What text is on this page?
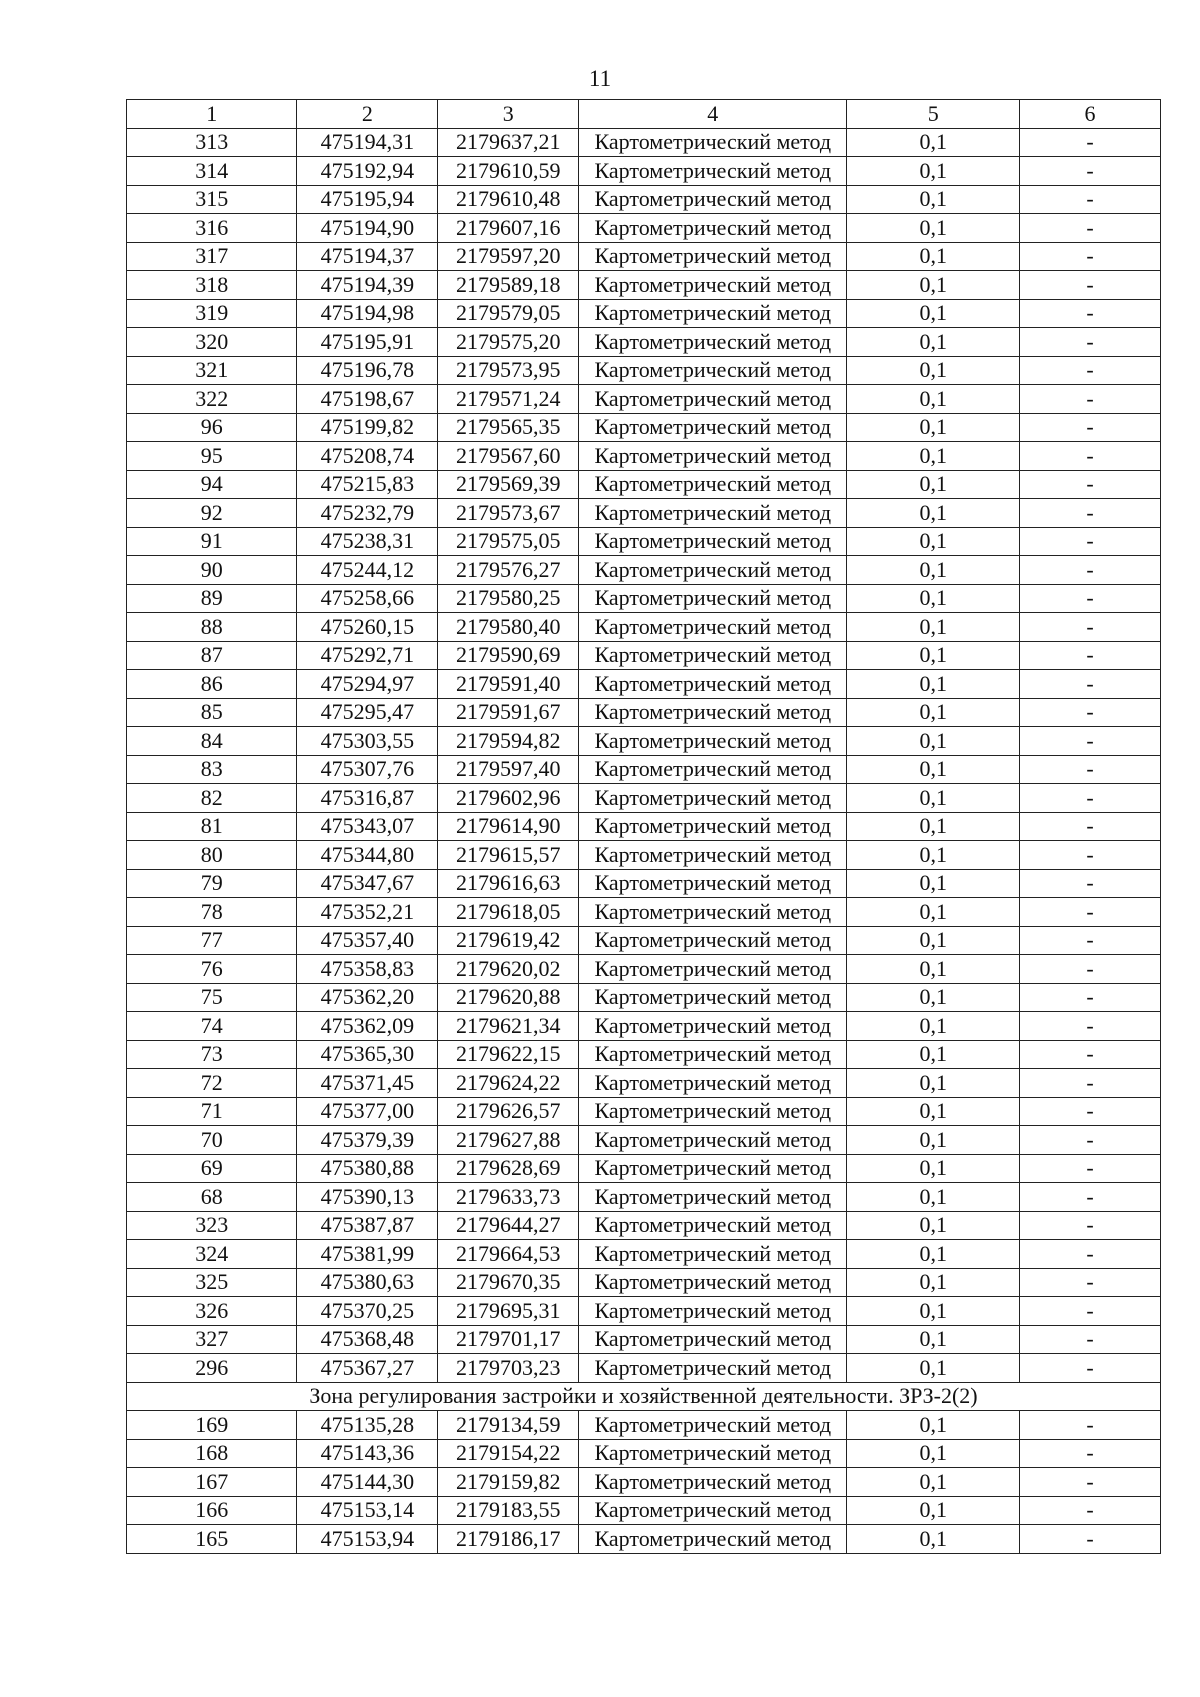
11
1	2	3	4	5	6
313	475194,31	2179637,21	Картометрический метод	0,1	-
314	475192,94	2179610,59	Картометрический метод	0,1	-
315	475195,94	2179610,48	Картометрический метод	0,1	-
316	475194,90	2179607,16	Картометрический метод	0,1	-
317	475194,37	2179597,20	Картометрический метод	0,1	-
318	475194,39	2179589,18	Картометрический метод	0,1	-
319	475194,98	2179579,05	Картометрический метод	0,1	-
320	475195,91	2179575,20	Картометрический метод	0,1	-
321	475196,78	2179573,95	Картометрический метод	0,1	-
322	475198,67	2179571,24	Картометрический метод	0,1	-
96	475199,82	2179565,35	Картометрический метод	0,1	-
95	475208,74	2179567,60	Картометрический метод	0,1	-
94	475215,83	2179569,39	Картометрический метод	0,1	-
92	475232,79	2179573,67	Картометрический метод	0,1	-
91	475238,31	2179575,05	Картометрический метод	0,1	-
90	475244,12	2179576,27	Картометрический метод	0,1	-
89	475258,66	2179580,25	Картометрический метод	0,1	-
88	475260,15	2179580,40	Картометрический метод	0,1	-
87	475292,71	2179590,69	Картометрический метод	0,1	-
86	475294,97	2179591,40	Картометрический метод	0,1	-
85	475295,47	2179591,67	Картометрический метод	0,1	-
84	475303,55	2179594,82	Картометрический метод	0,1	-
83	475307,76	2179597,40	Картометрический метод	0,1	-
82	475316,87	2179602,96	Картометрический метод	0,1	-
81	475343,07	2179614,90	Картометрический метод	0,1	-
80	475344,80	2179615,57	Картометрический метод	0,1	-
79	475347,67	2179616,63	Картометрический метод	0,1	-
78	475352,21	2179618,05	Картометрический метод	0,1	-
77	475357,40	2179619,42	Картометрический метод	0,1	-
76	475358,83	2179620,02	Картометрический метод	0,1	-
75	475362,20	2179620,88	Картометрический метод	0,1	-
74	475362,09	2179621,34	Картометрический метод	0,1	-
73	475365,30	2179622,15	Картометрический метод	0,1	-
72	475371,45	2179624,22	Картометрический метод	0,1	-
71	475377,00	2179626,57	Картометрический метод	0,1	-
70	475379,39	2179627,88	Картометрический метод	0,1	-
69	475380,88	2179628,69	Картометрический метод	0,1	-
68	475390,13	2179633,73	Картометрический метод	0,1	-
323	475387,87	2179644,27	Картометрический метод	0,1	-
324	475381,99	2179664,53	Картометрический метод	0,1	-
325	475380,63	2179670,35	Картометрический метод	0,1	-
326	475370,25	2179695,31	Картометрический метод	0,1	-
327	475368,48	2179701,17	Картометрический метод	0,1	-
296	475367,27	2179703,23	Картометрический метод	0,1	-
Зона регулирования застройки и хозяйственной деятельности. ЗРЗ-2(2)					
169	475135,28	2179134,59	Картометрический метод	0,1	-
168	475143,36	2179154,22	Картометрический метод	0,1	-
167	475144,30	2179159,82	Картометрический метод	0,1	-
166	475153,14	2179183,55	Картометрический метод	0,1	-
165	475153,94	2179186,17	Картометрический метод	0,1	-
